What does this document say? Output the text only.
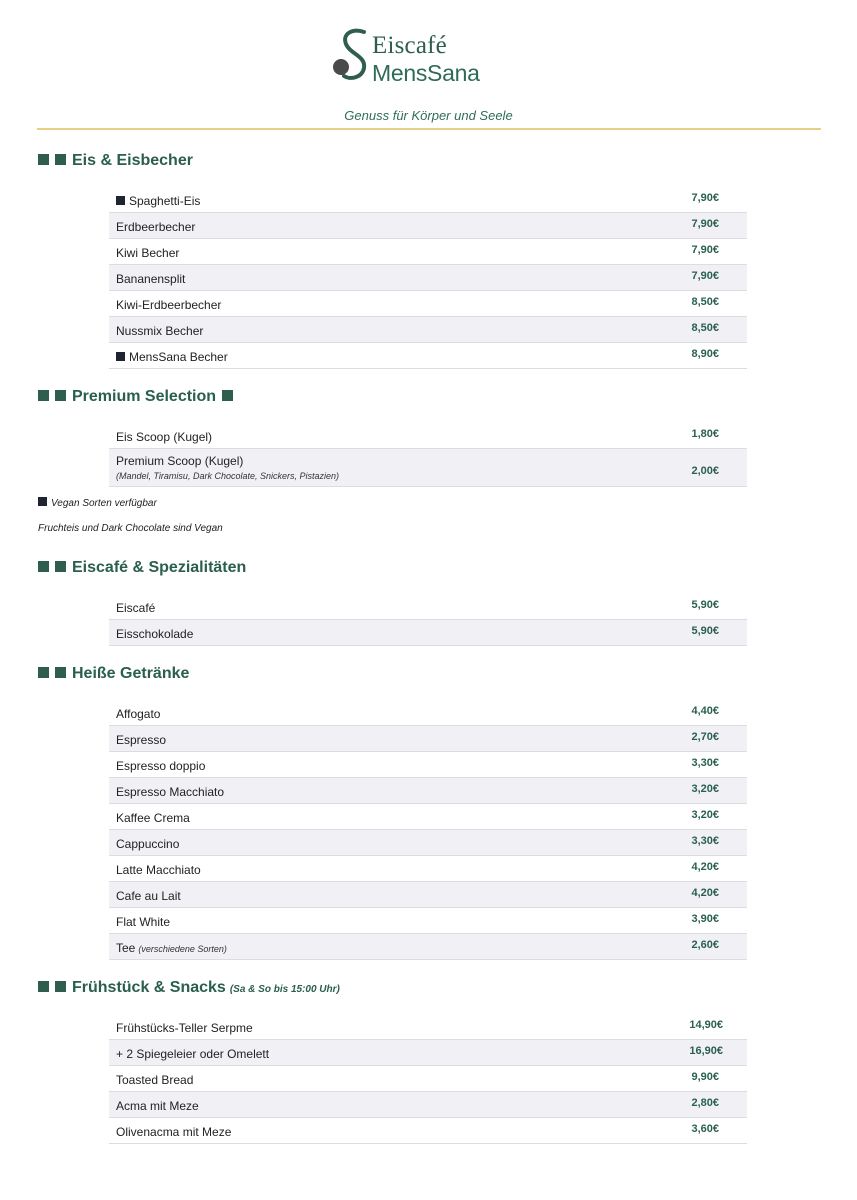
Eiscafé
MensSana
Genuss für Körper und Seele
Eis & Eisbecher
Spaghetti-Eis	7,90€
Erdbeerbecher	7,90€
Kiwi Becher	7,90€
Bananensplit	7,90€
Kiwi-Erdbeerbecher	8,50€
Nussmix Becher	8,50€
MensSana Becher	8,90€
Premium Selection
Eis Scoop (Kugel)	1,80€
Premium Scoop (Kugel)
(Mandel, Tiramisu, Dark Chocolate, Snickers, Pistazien)	2,00€
Vegan Sorten verfügbar
Fruchteis und Dark Chocolate sind Vegan
Eiscafé & Spezialitäten
Eiscafé	5,90€
Eisschokolade	5,90€
Heiße Getränke
Affogato	4,40€
Espresso	2,70€
Espresso doppio	3,30€
Espresso Macchiato	3,20€
Kaffee Crema	3,20€
Cappuccino	3,30€
Latte Macchiato	4,20€
Cafe au Lait	4,20€
Flat White	3,90€
Tee (verschiedene Sorten)	2,60€
Frühstück & Snacks (Sa & So bis 15:00 Uhr)
Frühstücks-Teller Serpme	14,90€
+ 2 Spiegeleier oder Omelett	16,90€
Toasted Bread	9,90€
Acma mit Meze	2,80€
Olivenacma mit Meze	3,60€
